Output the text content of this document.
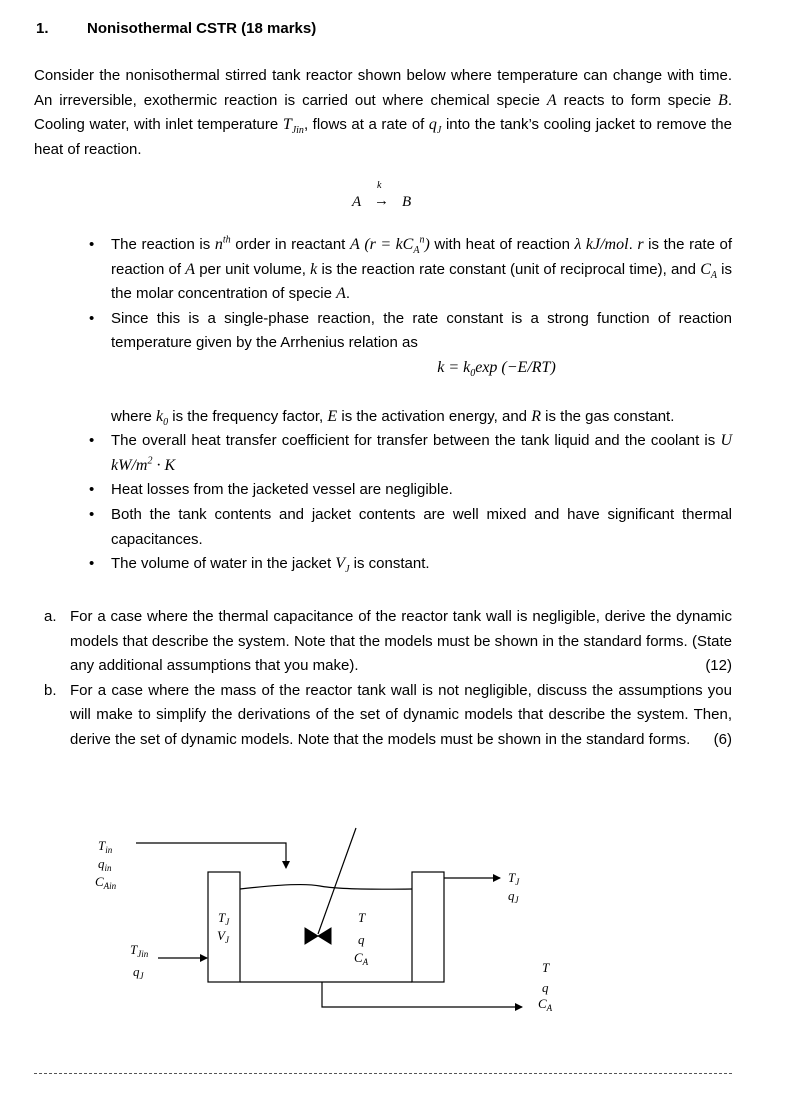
1.	Nonisothermal CSTR (18 marks)
Consider the nonisothermal stirred tank reactor shown below where temperature can change with time. An irreversible, exothermic reaction is carried out where chemical specie A reacts to form specie B. Cooling water, with inlet temperature $T_{Jin}$, flows at a rate of $q_J$ into the tank’s cooling jacket to remove the heat of reaction.
A
k
→ B
• The reaction is $n^{th}$ order in reactant A $(r = kC_A^n)$ with heat of reaction λ kJ/mol. r is the rate of reaction of A per unit volume, k is the reaction rate constant (unit of reciprocal time), and $C_A$ is the molar concentration of specie A.
• Since this is a single-phase reaction, the rate constant is a strong function of reaction temperature given by the Arrhenius relation as
$k = k_0\exp$ (−E/RT)
where $k_0$ is the frequency factor, E is the activation energy, and R is the gas constant.
• The overall heat transfer coefficient for transfer between the tank liquid and the coolant is U $kW/m^2 \cdot K$
• Heat losses from the jacketed vessel are negligible.
• Both the tank contents and jacket contents are well mixed and have significant thermal capacitances.
• The volume of water in the jacket $V_J$ is constant.
a. For a case where the thermal capacitance of the reactor tank wall is negligible, derive the dynamic models that describe the system. Note that the models must be shown in the standard forms. (State any additional assumptions that you make).	(12)
b. For a case where the mass of the reactor tank wall is not negligible, discuss the assumptions you will make to simplify the derivations of the set of dynamic models that describe the system. Then, derive the set of dynamic models. Note that the models must be shown in the standard forms. (6)
$T_{in}$
$q_{in}$
$C_{Ain}$
$T_J$
$V_J$
T
q
$C_A$
$T_{Jin}$
$q_J$
$T_J$
$q_J$
T
q
$C_A$
